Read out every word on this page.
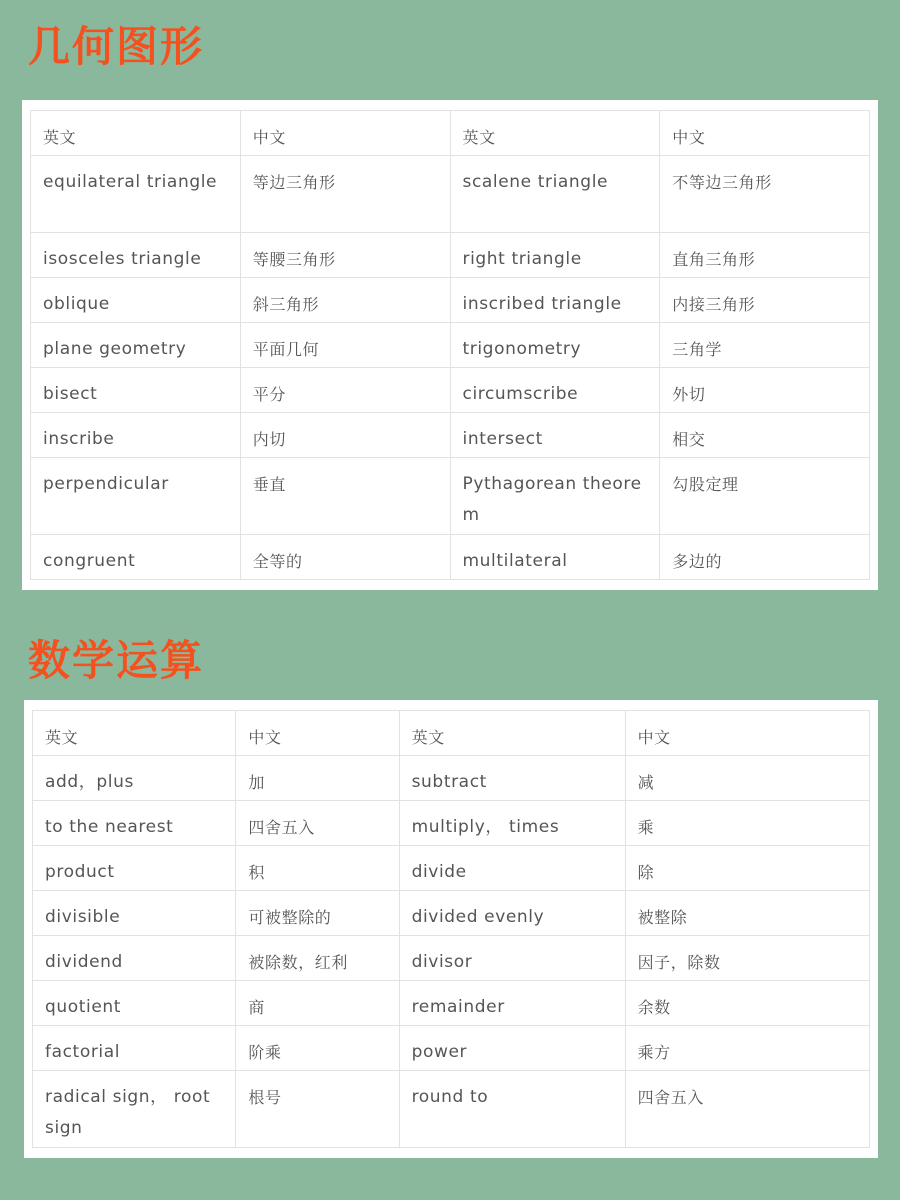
几何图形
英文	中文	英文	中文
equilateral triangle	等边三角形	scalene triangle	不等边三角形
isosceles triangle	等腰三角形	right triangle	直角三角形
oblique	斜三角形	inscribed triangle	内接三角形
plane geometry	平面几何	trigonometry	三角学
bisect	平分	circumscribe	外切
inscribe	内切	intersect	相交
perpendicular	垂直	Pythagorean theorem	勾股定理
congruent	全等的	multilateral	多边的
数学运算
英文	中文	英文	中文
add，plus	加	subtract	减
to the nearest	四舍五入	multiply， times	乘
product	积	divide	除
divisible	可被整除的	divided evenly	被整除
dividend	被除数，红利	divisor	因子，除数
quotient	商	remainder	余数
factorial	阶乘	power	乘方
radical sign， root sign	根号	round to	四舍五入
